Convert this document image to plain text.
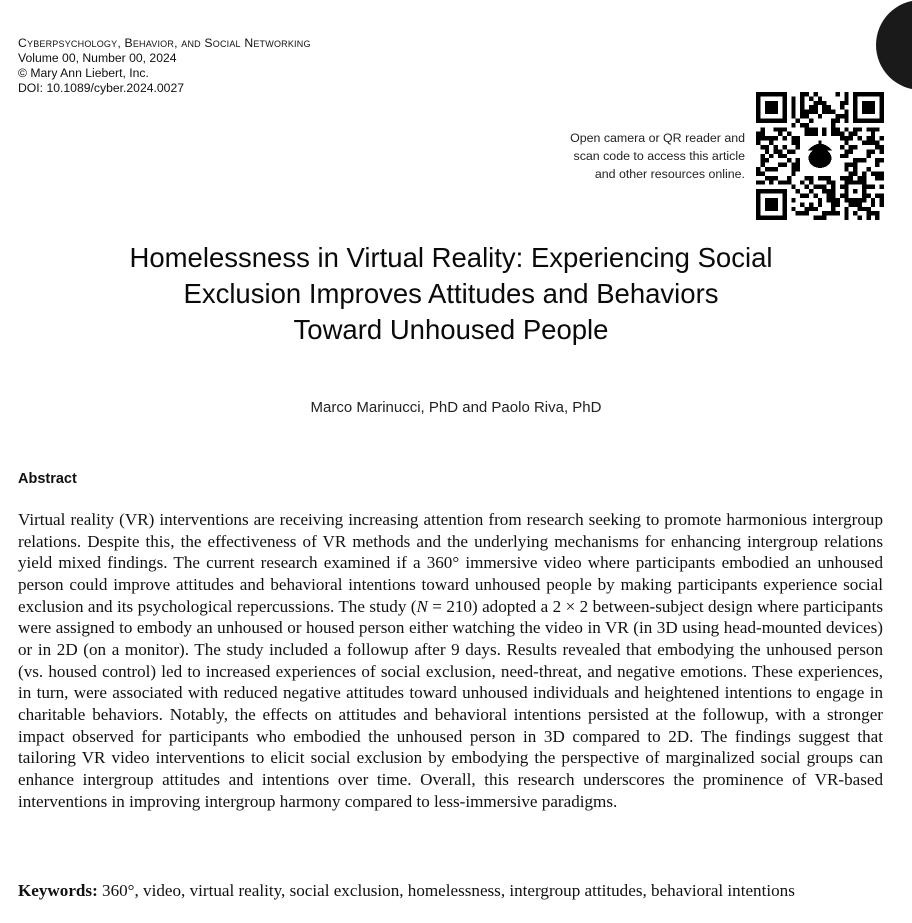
Cyberpsychology, Behavior, and Social Networking
Volume 00, Number 00, 2024
© Mary Ann Liebert, Inc.
DOI: 10.1089/cyber.2024.0027
Open camera or QR reader and
scan code to access this article
and other resources online.
Homelessness in Virtual Reality: Experiencing Social
Exclusion Improves Attitudes and Behaviors
Toward Unhoused People
Marco Marinucci, PhD and Paolo Riva, PhD
Abstract

Virtual reality (VR) interventions are receiving increasing attention from research seeking to promote harmonious intergroup relations. Despite this, the effectiveness of VR methods and the underlying mechanisms for enhancing intergroup relations yield mixed findings. The current research examined if a 360° immersive video where participants embodied an unhoused person could improve attitudes and behavioral intentions toward unhoused people by making participants experience social exclusion and its psychological repercussions. The study (N = 210) adopted a 2 × 2 between-subject design where participants were assigned to embody an unhoused or housed person either watching the video in VR (in 3D using head-mounted devices) or in 2D (on a monitor). The study included a followup after 9 days. Results revealed that embodying the unhoused person (vs. housed control) led to increased experiences of social exclusion, need-threat, and negative emotions. These experiences, in turn, were associated with reduced negative attitudes toward unhoused individuals and heightened intentions to engage in charitable behaviors. Notably, the effects on attitudes and behavioral intentions persisted at the followup, with a stronger impact observed for participants who embodied the unhoused person in 3D compared to 2D. The findings suggest that tailoring VR video interventions to elicit social exclusion by embodying the perspective of marginalized social groups can enhance intergroup attitudes and intentions over time. Overall, this research underscores the prominence of VR-based interventions in improving intergroup harmony compared to less-immersive paradigms.

Keywords: 360°, video, virtual reality, social exclusion, homelessness, intergroup attitudes, behavioral intentions
